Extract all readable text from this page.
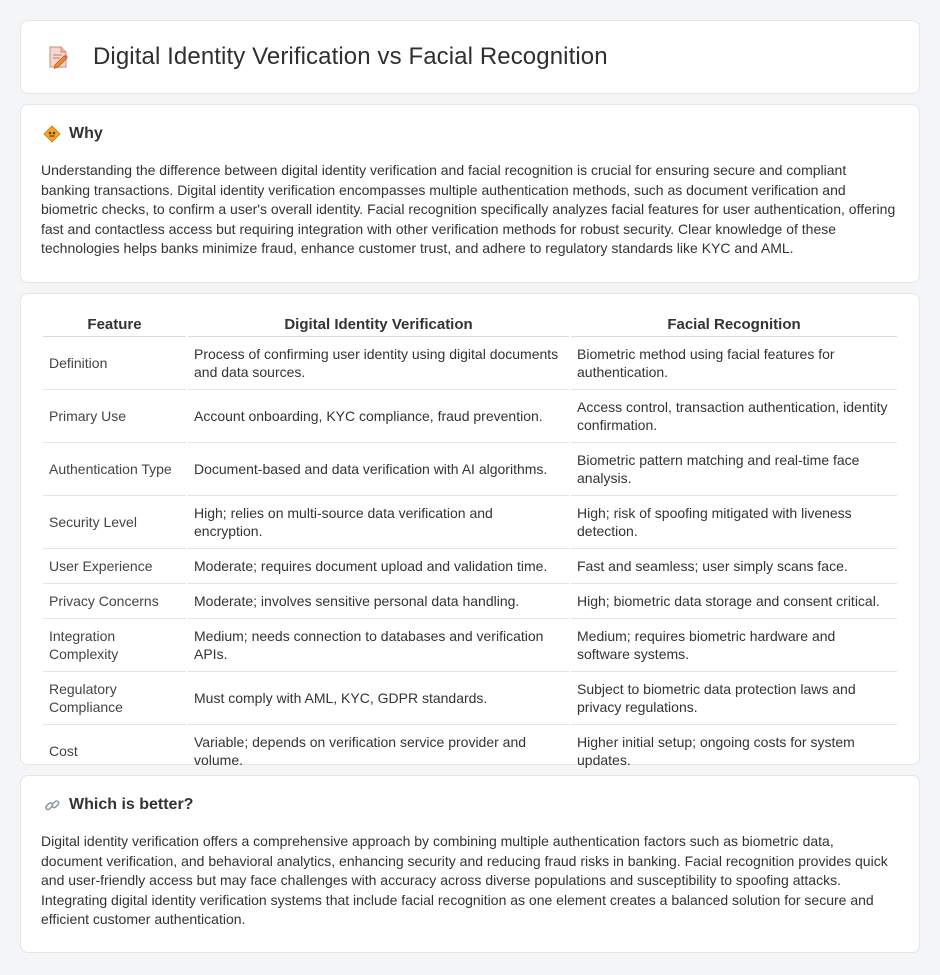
Digital Identity Verification vs Facial Recognition
Why

Understanding the difference between digital identity verification and facial recognition is crucial for ensuring secure and compliant banking transactions. Digital identity verification encompasses multiple authentication methods, such as document verification and biometric checks, to confirm a user's overall identity. Facial recognition specifically analyzes facial features for user authentication, offering fast and contactless access but requiring integration with other verification methods for robust security. Clear knowledge of these technologies helps banks minimize fraud, enhance customer trust, and adhere to regulatory standards like KYC and AML.

Feature	Digital Identity Verification	Facial Recognition
Definition	Process of confirming user identity using digital documents and data sources.	Biometric method using facial features for authentication.
Primary Use	Account onboarding, KYC compliance, fraud prevention.	Access control, transaction authentication, identity confirmation.
Authentication Type	Document-based and data verification with AI algorithms.	Biometric pattern matching and real-time face analysis.
Security Level	High; relies on multi-source data verification and encryption.	High; risk of spoofing mitigated with liveness detection.
User Experience	Moderate; requires document upload and validation time.	Fast and seamless; user simply scans face.
Privacy Concerns	Moderate; involves sensitive personal data handling.	High; biometric data storage and consent critical.
Integration Complexity	Medium; needs connection to databases and verification APIs.	Medium; requires biometric hardware and software systems.
Regulatory Compliance	Must comply with AML, KYC, GDPR standards.	Subject to biometric data protection laws and privacy regulations.
Cost	Variable; depends on verification service provider and volume.	Higher initial setup; ongoing costs for system updates.
Which is better?

Digital identity verification offers a comprehensive approach by combining multiple authentication factors such as biometric data, document verification, and behavioral analytics, enhancing security and reducing fraud risks in banking. Facial recognition provides quick and user-friendly access but may face challenges with accuracy across diverse populations and susceptibility to spoofing attacks. Integrating digital identity verification systems that include facial recognition as one element creates a balanced solution for secure and efficient customer authentication.
